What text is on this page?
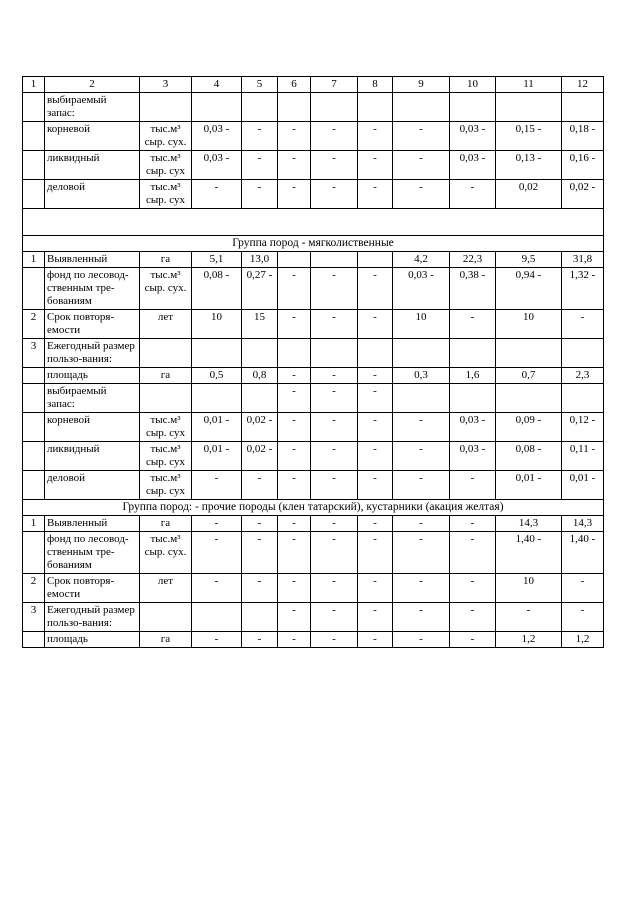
1	2	3	4	5	6	7	8	9	10	11	12
	выбираемый запас:										
	корневой	тыс.м³ сыр. сух.	0,03 -	-	-	-	-	-	0,03 -	0,15 -	0,18 -
	ликвидный	тыс.м³ сыр. сух	0,03 -	-	-	-	-	-	0,03 -	0,13 -	0,16 -
	деловой	тыс.м³ сыр. сух	-	-	-	-	-	-	-	0,02	0,02 -

Группа пород - мягколиственные											
1	Выявленный	га	5,1	13,0				4,2	22,3	9,5	31,8
	фонд по лесовод-ственным тре-бованиям	тыс.м³ сыр. сух.	0,08 -	0,27 -	-	-	-	0,03 -	0,38 -	0,94 -	1,32 -
2	Срок повторя-емости	лет	10	15	-	-	-	10	-	10	-
3	Ежегодный размер пользо-вания:										
	площадь	га	0,5	0,8	-	-	-	0,3	1,6	0,7	2,3
	выбираемый запас:				-	-	-				
	корневой	тыс.м³ сыр. сух	0,01 -	0,02 -	-	-	-	-	0,03 -	0,09 -	0,12 -
	ликвидный	тыс.м³ сыр. сух	0,01 -	0,02 -	-	-	-	-	0,03 -	0,08 -	0,11 -
	деловой	тыс.м³ сыр. сух	-	-	-	-	-	-	-	0,01 -	0,01 -
Группа пород: - прочие породы (клен татарский), кустарники (акация желтая)											
1	Выявленный	га	-	-	-	-	-	-	-	14,3	14,3
	фонд по лесовод-ственным тре-бованиям	тыс.м³ сыр. сух.	-	-	-	-	-	-	-	1,40 -	1,40 -
2	Срок повторя-емости	лет	-	-	-	-	-	-	-	10	-
3	Ежегодный размер пользо-вания:				-	-	-	-	-	-	-
	площадь	га	-	-	-	-	-	-	-	1,2	1,2
